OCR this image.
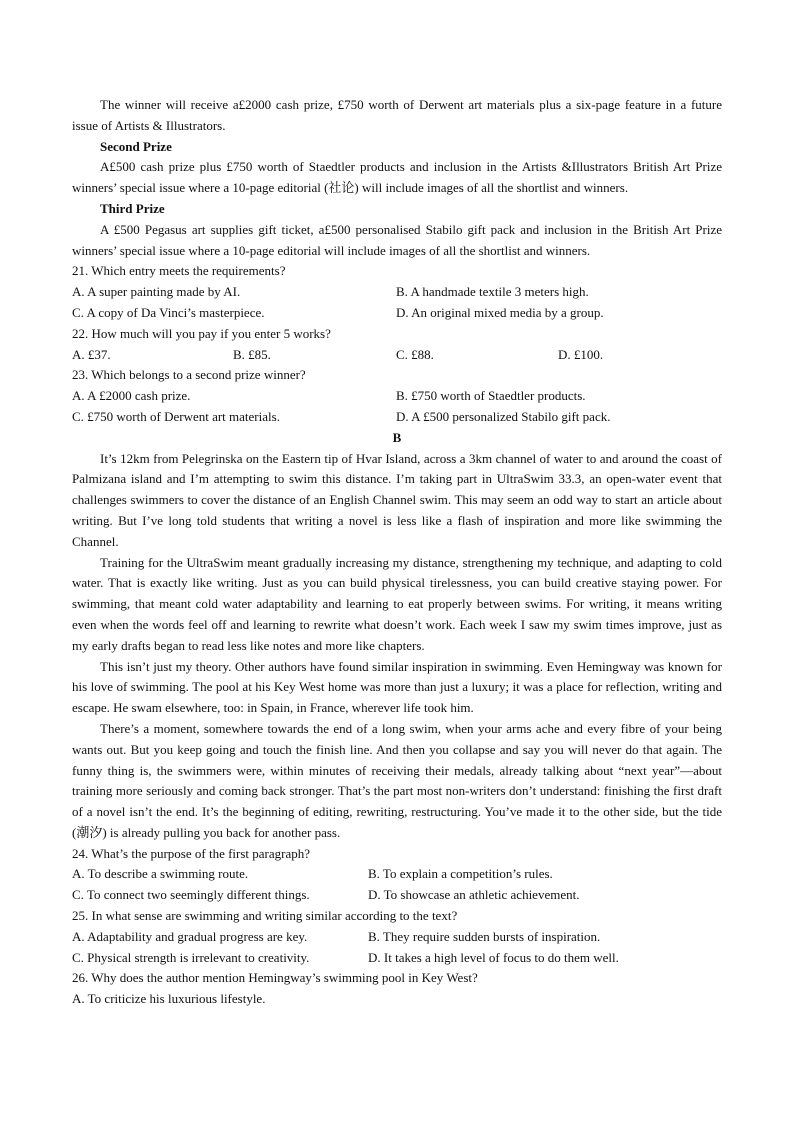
The winner will receive a£2000 cash prize, £750 worth of Derwent art materials plus a six-page feature in a future issue of Artists & Illustrators.

Second Prize

A£500 cash prize plus £750 worth of Staedtler products and inclusion in the Artists &Illustrators British Art Prize winners’ special issue where a 10-page editorial (社论) will include images of all the shortlist and winners.

Third Prize

A £500 Pegasus art supplies gift ticket, a£500 personalised Stabilo gift pack and inclusion in the British Art Prize winners’ special issue where a 10-page editorial will include images of all the shortlist and winners.

21. Which entry meets the requirements?

A. A super painting made by AI.	B. A handmade textile 3 meters high.
C. A copy of Da Vinci’s masterpiece.	D. An original mixed media by a group.

22. How much will you pay if you enter 5 works?

A. £37.	B. £85.	C. £88.	D. £100.

23. Which belongs to a second prize winner?

A. A £2000 cash prize.	B. £750 worth of Staedtler products.
C. £750 worth of Derwent art materials.	D. A £500 personalized Stabilo gift pack.

B

It’s 12km from Pelegrinska on the Eastern tip of Hvar Island, across a 3km channel of water to and around the coast of Palmizana island and I’m attempting to swim this distance. I’m taking part in UltraSwim 33.3, an open-water event that challenges swimmers to cover the distance of an English Channel swim. This may seem an odd way to start an article about writing. But I’ve long told students that writing a novel is less like a flash of inspiration and more like swimming the Channel.

Training for the UltraSwim meant gradually increasing my distance, strengthening my technique, and adapting to cold water. That is exactly like writing. Just as you can build physical tirelessness, you can build creative staying power. For swimming, that meant cold water adaptability and learning to eat properly between swims. For writing, it means writing even when the words feel off and learning to rewrite what doesn’t work. Each week I saw my swim times improve, just as my early drafts began to read less like notes and more like chapters.

This isn’t just my theory. Other authors have found similar inspiration in swimming. Even Hemingway was known for his love of swimming. The pool at his Key West home was more than just a luxury; it was a place for reflection, writing and escape. He swam elsewhere, too: in Spain, in France, wherever life took him.

There’s a moment, somewhere towards the end of a long swim, when your arms ache and every fibre of your being wants out. But you keep going and touch the finish line. And then you collapse and say you will never do that again. The funny thing is, the swimmers were, within minutes of receiving their medals, already talking about “next year”—about training more seriously and coming back stronger. That’s the part most non-writers don’t understand: finishing the first draft of a novel isn’t the end. It’s the beginning of editing, rewriting, restructuring. You’ve made it to the other side, but the tide (潮汐) is already pulling you back for another pass.

24. What’s the purpose of the first paragraph?

A. To describe a swimming route.	B. To explain a competition’s rules.
C. To connect two seemingly different things.	D. To showcase an athletic achievement.

25. In what sense are swimming and writing similar according to the text?

A. Adaptability and gradual progress are key.	B. They require sudden bursts of inspiration.
C. Physical strength is irrelevant to creativity.	D. It takes a high level of focus to do them well.

26. Why does the author mention Hemingway’s swimming pool in Key West?

A. To criticize his luxurious lifestyle.
